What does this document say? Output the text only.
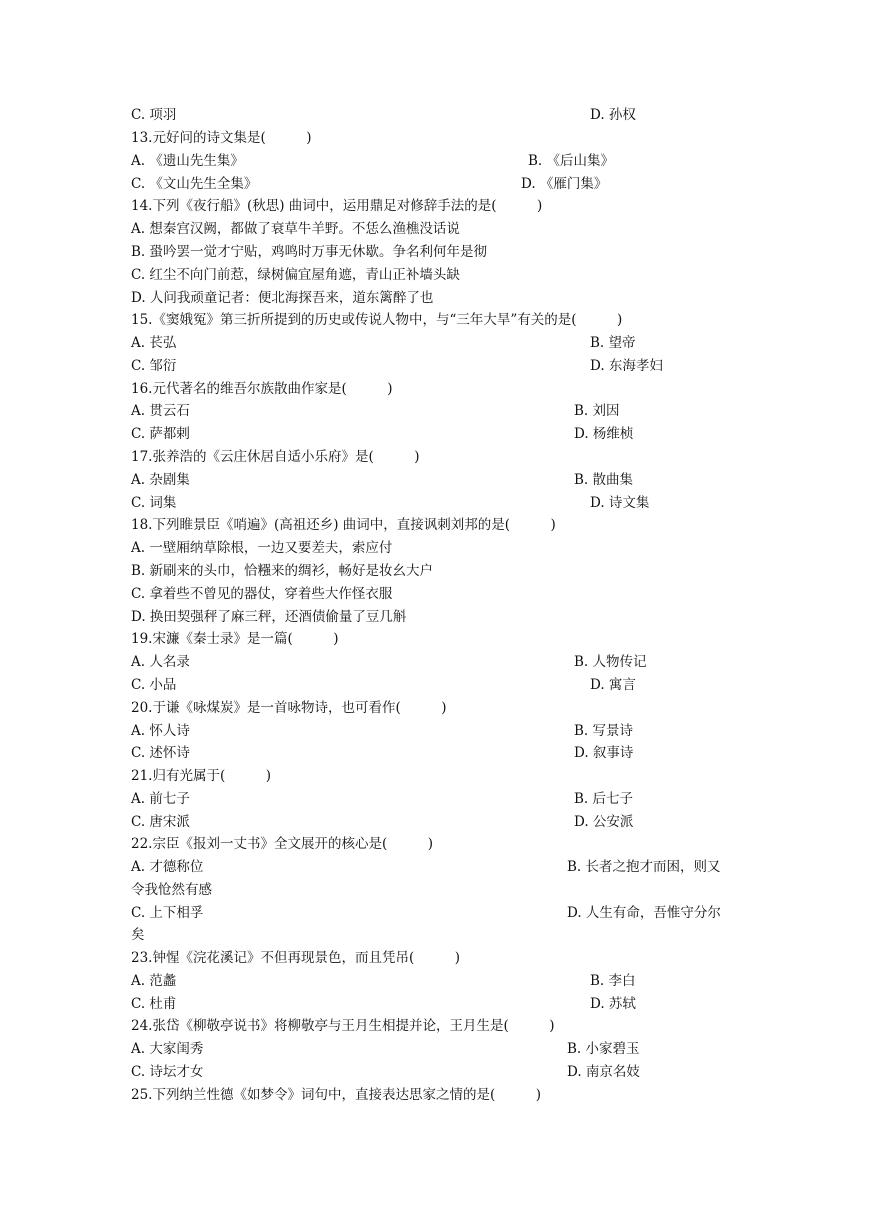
C. 项羽	D. 孙权
13.元好问的诗文集是(　　　)
A. 《遗山先生集》	B. 《后山集》
C. 《文山先生全集》	D. 《雁门集》
14.下列《夜行船》(秋思) 曲词中，运用鼎足对修辞手法的是(　　　)
A. 想秦宫汉阙，都做了衰草牛羊野。不恁么渔樵没话说
B. 蛩吟罢一觉才宁贴，鸡鸣时万事无休歇。争名利何年是彻
C. 红尘不向门前惹，绿树偏宜屋角遮，青山正补墙头缺
D. 人问我顽童记者：便北海探吾来，道东篱醉了也
15.《窦娥冤》第三折所提到的历史或传说人物中，与“三年大旱”有关的是(　　　)
A. 苌弘	B. 望帝
C. 邹衍	D. 东海孝妇
16.元代著名的维吾尔族散曲作家是(　　　)
A. 贯云石	B. 刘因
C. 萨都剌	D. 杨维桢
17.张养浩的《云庄休居自适小乐府》是(　　　)
A. 杂剧集	B. 散曲集
C. 词集	D. 诗文集
18.下列睢景臣《哨遍》(高祖还乡) 曲词中，直接讽刺刘邦的是(　　　)
A. 一壁厢纳草除根，一边又要差夫，索应付
B. 新刷来的头巾，恰糨来的绸衫，畅好是妆幺大户
C. 拿着些不曾见的器仗，穿着些大作怪衣服
D. 换田契强秤了麻三秤，还酒债偷量了豆几斛
19.宋濂《秦士录》是一篇(　　　)
A. 人名录	B. 人物传记
C. 小品	D. 寓言
20.于谦《咏煤炭》是一首咏物诗，也可看作(　　　)
A. 怀人诗	B. 写景诗
C. 述怀诗	D. 叙事诗
21.归有光属于(　　　)
A. 前七子	B. 后七子
C. 唐宋派	D. 公安派
22.宗臣《报刘一丈书》全文展开的核心是(　　　)
A. 才德称位	B. 长者之抱才而困，则又
令我怆然有感
C. 上下相孚	D. 人生有命，吾惟守分尔
矣
23.钟惺《浣花溪记》不但再现景色，而且凭吊(　　　)
A. 范蠡	B. 李白
C. 杜甫	D. 苏轼
24.张岱《柳敬亭说书》将柳敬亭与王月生相提并论，王月生是(　　　)
A. 大家闺秀	B. 小家碧玉
C. 诗坛才女	D. 南京名妓
25.下列纳兰性德《如梦令》词句中，直接表达思家之情的是(　　　)
